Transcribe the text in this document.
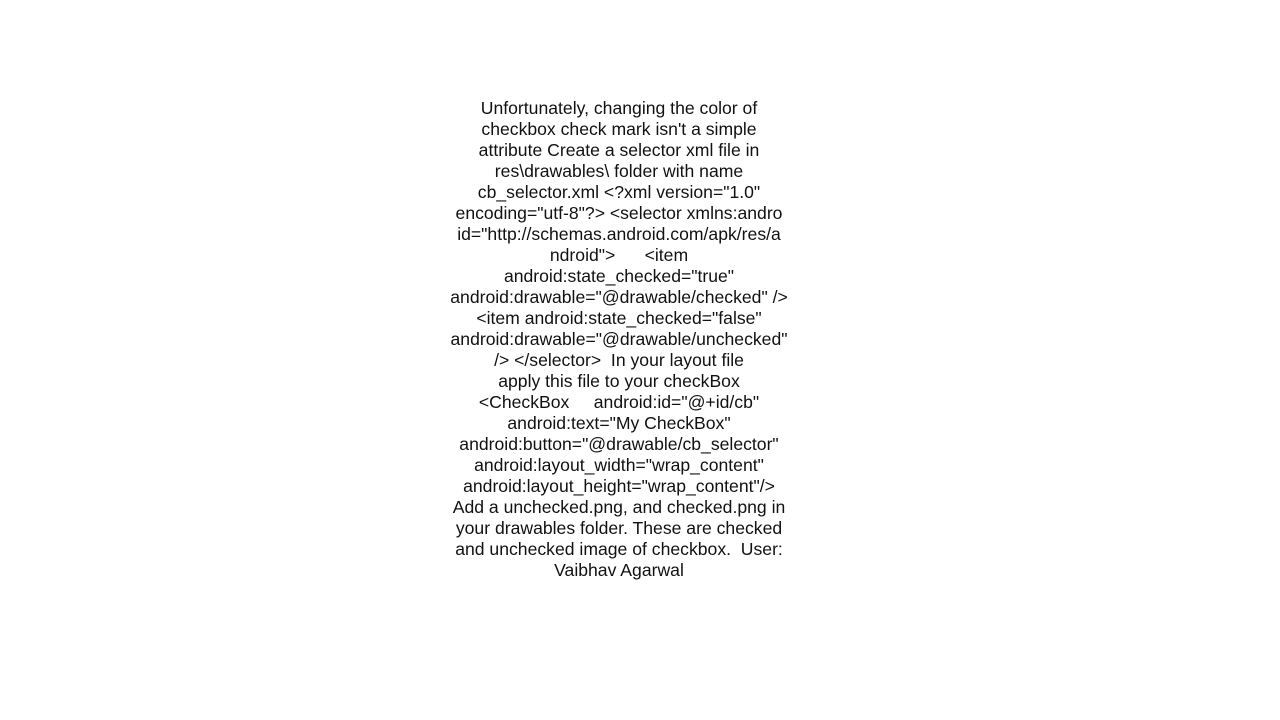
Unfortunately, changing the color of
checkbox check mark isn't a simple
attribute Create a selector xml file in
res\drawables\ folder with name
cb_selector.xml <?xml version="1.0"
encoding="utf-8"?> <selector xmlns:andro
id="http://schemas.android.com/apk/res/a
ndroid">      <item
android:state_checked="true"
android:drawable="@drawable/checked" />
<item android:state_checked="false"
android:drawable="@drawable/unchecked"
/> </selector>  In your layout file
apply this file to your checkBox
<CheckBox     android:id="@+id/cb"
android:text="My CheckBox"
android:button="@drawable/cb_selector"
android:layout_width="wrap_content"
android:layout_height="wrap_content"/>
Add a unchecked.png, and checked.png in
your drawables folder. These are checked
and unchecked image of checkbox.  User:
Vaibhav Agarwal
